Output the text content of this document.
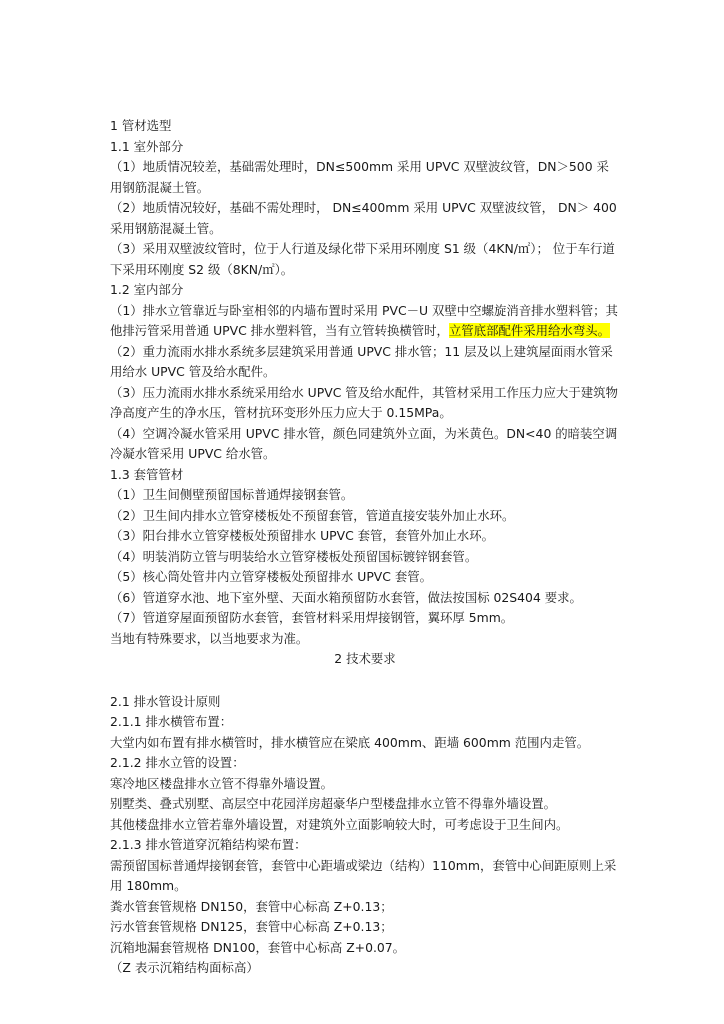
1 管材选型
1.1 室外部分
（1）地质情况较差，基础需处理时，DN≤500mm 采用 UPVC 双壁波纹管，DN＞500 采用钢筋混凝土管。
（2）地质情况较好，基础不需处理时， DN≤400mm 采用 UPVC 双壁波纹管， DN＞ 400 采用钢筋混凝土管。
（3）采用双壁波纹管时，位于人行道及绿化带下采用环刚度 S1 级（4KN/㎡）； 位于车行道下采用环刚度 S2 级（8KN/㎡）。
1.2 室内部分
（1）排水立管靠近与卧室相邻的内墙布置时采用 PVC－U 双壁中空螺旋消音排水塑料管；其他排污管采用普通 UPVC 排水塑料管，当有立管转换横管时，立管底部配件采用给水弯头。
（2）重力流雨水排水系统多层建筑采用普通 UPVC 排水管；11 层及以上建筑屋面雨水管采用给水 UPVC 管及给水配件。
（3）压力流雨水排水系统采用给水 UPVC 管及给水配件，其管材采用工作压力应大于建筑物净高度产生的净水压，管材抗环变形外压力应大于 0.15MPa。
（4）空调冷凝水管采用 UPVC 排水管，颜色同建筑外立面，为米黄色。DN<40 的暗装空调冷凝水管采用 UPVC 给水管。
1.3 套管管材
（1）卫生间侧壁预留国标普通焊接钢套管。
（2）卫生间内排水立管穿楼板处不预留套管，管道直接安装外加止水环。
（3）阳台排水立管穿楼板处预留排水 UPVC 套管，套管外加止水环。
（4）明装消防立管与明装给水立管穿楼板处预留国标镀锌钢套管。
（5）核心筒处管井内立管穿楼板处预留排水 UPVC 套管。
（6）管道穿水池、地下室外壁、天面水箱预留防水套管，做法按国标 02S404 要求。
（7）管道穿屋面预留防水套管，套管材料采用焊接钢管，翼环厚 5mm。
当地有特殊要求，以当地要求为准。
2 技术要求
2.1 排水管设计原则
2.1.1 排水横管布置：
大堂内如布置有排水横管时，排水横管应在梁底 400mm、距墙 600mm 范围内走管。
2.1.2 排水立管的设置：
寒冷地区楼盘排水立管不得靠外墙设置。
别墅类、叠式别墅、高层空中花园洋房超豪华户型楼盘排水立管不得靠外墙设置。
其他楼盘排水立管若靠外墙设置，对建筑外立面影响较大时，可考虑设于卫生间内。
2.1.3 排水管道穿沉箱结构梁布置：
需预留国标普通焊接钢套管，套管中心距墙或梁边（结构）110mm，套管中心间距原则上采用 180mm。
粪水管套管规格 DN150，套管中心标高 Z+0.13；
污水管套管规格 DN125，套管中心标高 Z+0.13；
沉箱地漏套管规格 DN100，套管中心标高 Z+0.07。
（Z 表示沉箱结构面标高）
